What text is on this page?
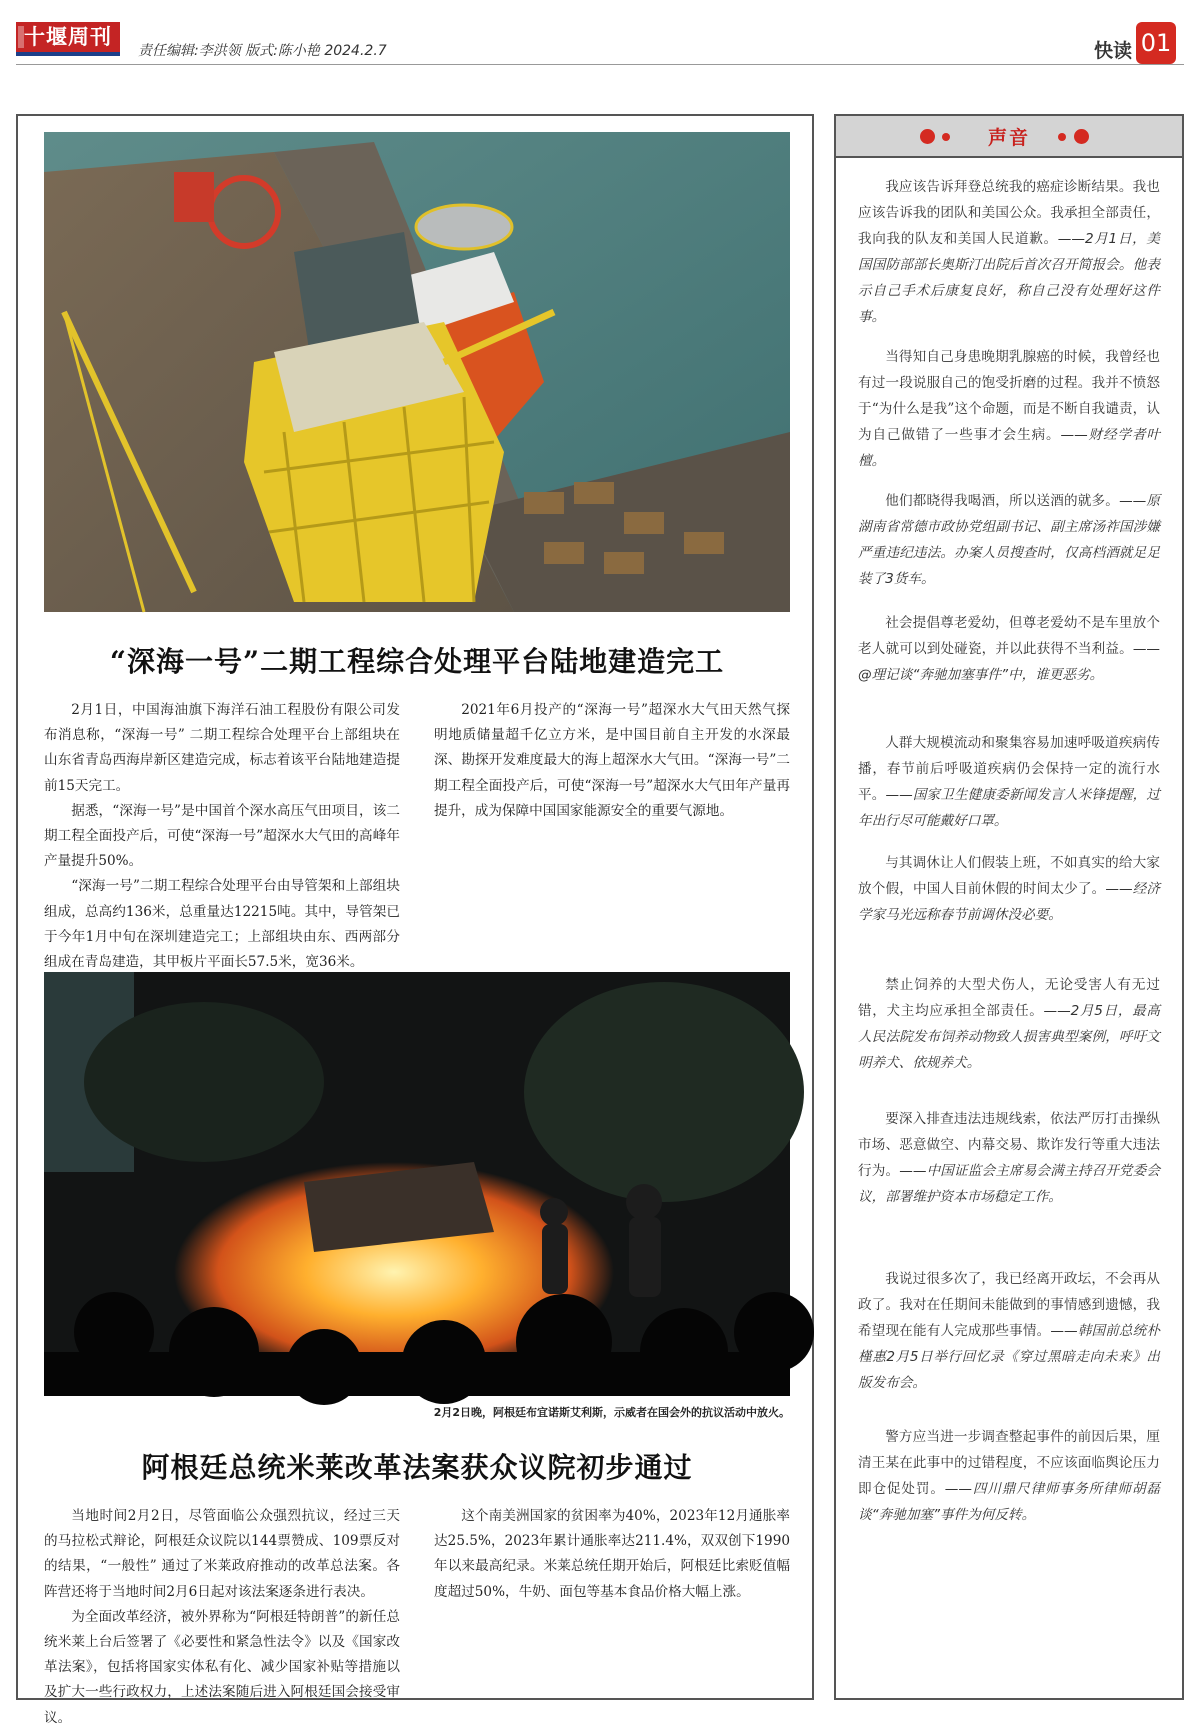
十堰周刊
责任编辑:李洪领 版式:陈小艳 2024.2.7	快读 01
“深海一号”二期工程综合处理平台陆地建造完工

2月1日，中国海油旗下海洋石油工程股份有限公司发布消息称，“深海一号” 二期工程综合处理平台上部组块在山东省青岛西海岸新区建造完成，标志着该平台陆地建造提前15天完工。

据悉，“深海一号”是中国首个深水高压气田项目，该二期工程全面投产后，可使“深海一号”超深水大气田的高峰年产量提升50%。

“深海一号”二期工程综合处理平台由导管架和上部组块组成，总高约136米，总重量达12215吨。其中，导管架已于今年1月中旬在深圳建造完工；上部组块由东、西两部分组成在青岛建造，其甲板片平面长57.5米，宽36米。

2021年6月投产的“深海一号”超深水大气田天然气探明地质储量超千亿立方米，是中国目前自主开发的水深最深、勘探开发难度最大的海上超深水大气田。“深海一号”二期工程全面投产后，可使“深海一号”超深水大气田年产量再提升，成为保障中国国家能源安全的重要气源地。

2月2日晚，阿根廷布宜诺斯艾利斯，示威者在国会外的抗议活动中放火。
阿根廷总统米莱改革法案获众议院初步通过

当地时间2月2日，尽管面临公众强烈抗议，经过三天的马拉松式辩论，阿根廷众议院以144票赞成、109票反对的结果，“一般性” 通过了米莱政府推动的改革总法案。各阵营还将于当地时间2月6日起对该法案逐条进行表决。

为全面改革经济，被外界称为“阿根廷特朗普”的新任总统米莱上台后签署了《必要性和紧急性法令》以及《国家改革法案》，包括将国家实体私有化、减少国家补贴等措施以及扩大一些行政权力，上述法案随后进入阿根廷国会接受审议。

这个南美洲国家的贫困率为40%，2023年12月通胀率达25.5%，2023年累计通胀率达211.4%，双双创下1990年以来最高纪录。米莱总统任期开始后，阿根廷比索贬值幅度超过50%，牛奶、面包等基本食品价格大幅上涨。

声音

我应该告诉拜登总统我的癌症诊断结果。我也应该告诉我的团队和美国公众。我承担全部责任，我向我的队友和美国人民道歉。——2月1日，美国国防部部长奥斯汀出院后首次召开简报会。他表示自己手术后康复良好，称自己没有处理好这件事。

当得知自己身患晚期乳腺癌的时候，我曾经也有过一段说服自己的饱受折磨的过程。我并不愤怒于“为什么是我”这个命题，而是不断自我谴责，认为自己做错了一些事才会生病。——财经学者叶檀。

他们都晓得我喝酒，所以送酒的就多。——原湖南省常德市政协党组副书记、副主席汤祚国涉嫌严重违纪违法。办案人员搜查时，仅高档酒就足足装了3货车。

社会提倡尊老爱幼，但尊老爱幼不是车里放个老人就可以到处碰瓷，并以此获得不当利益。——@理记谈“奔驰加塞事件”中，谁更恶劣。

人群大规模流动和聚集容易加速呼吸道疾病传播，春节前后呼吸道疾病仍会保持一定的流行水平。——国家卫生健康委新闻发言人米锋提醒，过年出行尽可能戴好口罩。

与其调休让人们假装上班，不如真实的给大家放个假，中国人目前休假的时间太少了。——经济学家马光远称春节前调休没必要。

禁止饲养的大型犬伤人，无论受害人有无过错，犬主均应承担全部责任。——2月5日，最高人民法院发布饲养动物致人损害典型案例，呼吁文明养犬、依规养犬。

要深入排查违法违规线索，依法严厉打击操纵市场、恶意做空、内幕交易、欺诈发行等重大违法行为。——中国证监会主席易会满主持召开党委会议，部署维护资本市场稳定工作。

我说过很多次了，我已经离开政坛，不会再从政了。我对在任期间未能做到的事情感到遗憾，我希望现在能有人完成那些事情。——韩国前总统朴槿惠2月5日举行回忆录《穿过黑暗走向未来》出版发布会。

警方应当进一步调查整起事件的前因后果，厘清王某在此事中的过错程度，不应该面临舆论压力即仓促处罚。——四川鼎尺律师事务所律师胡磊谈“奔驰加塞”事件为何反转。
